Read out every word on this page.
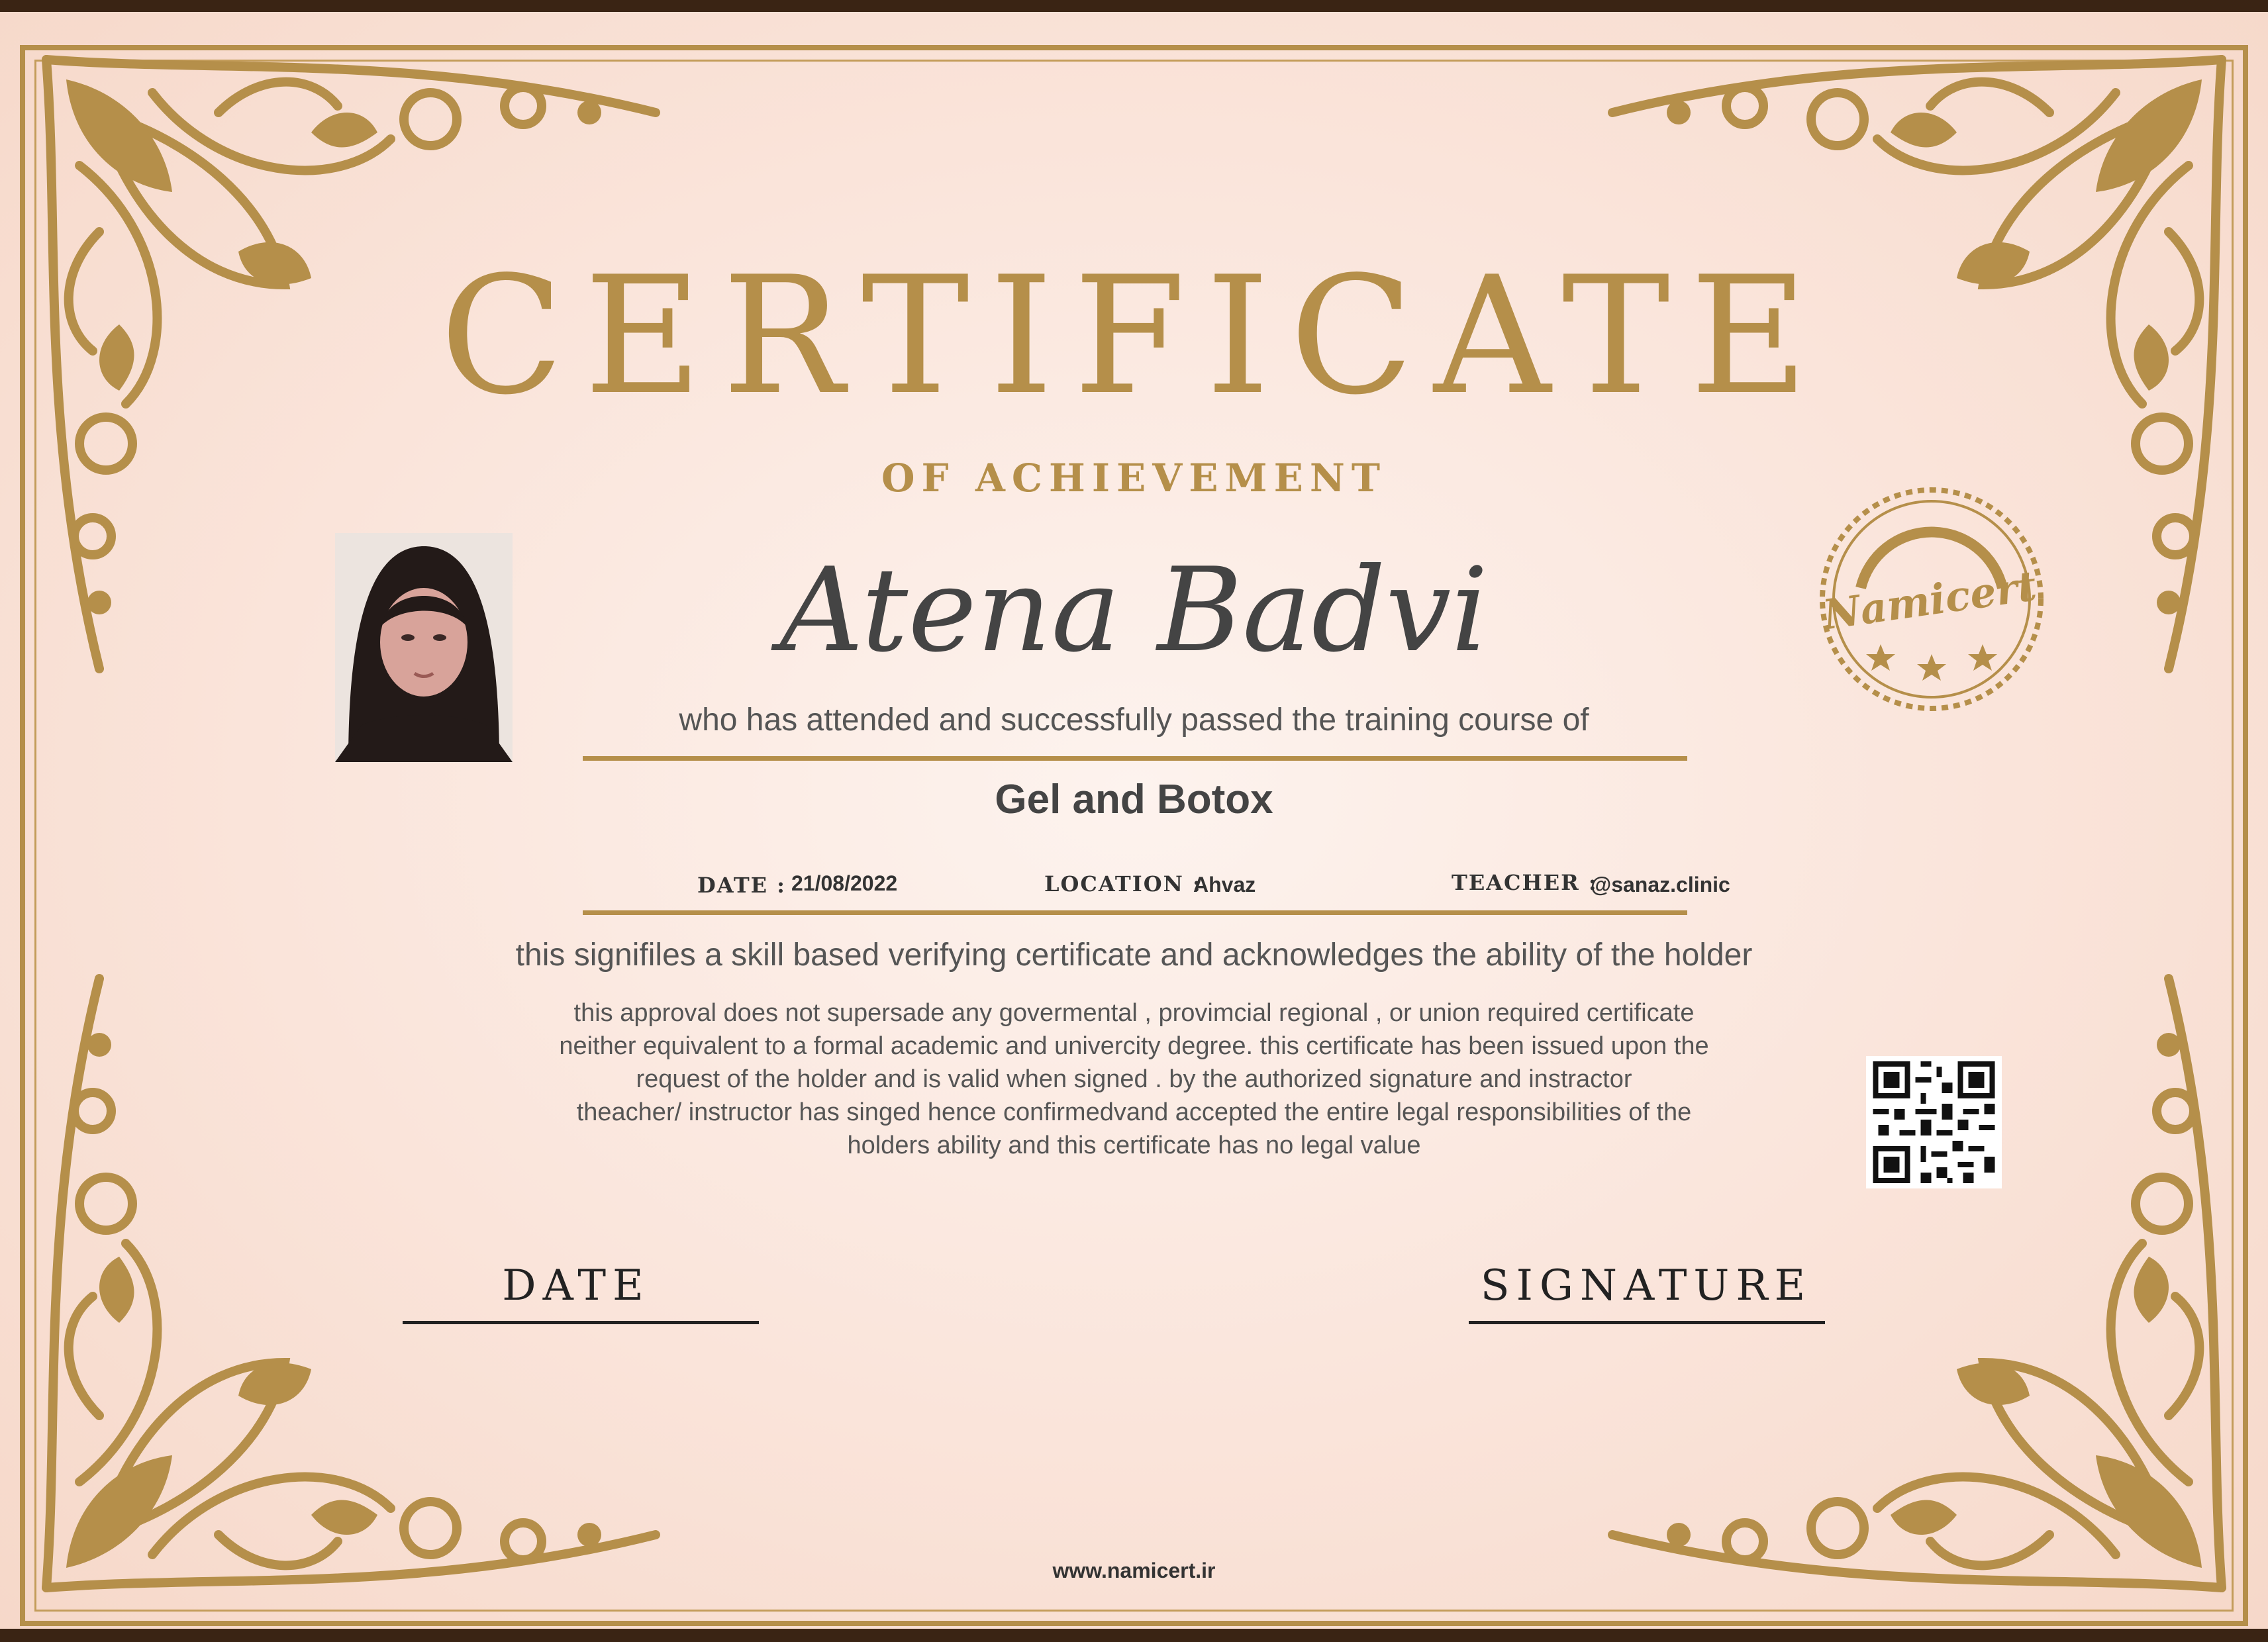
CERTIFICATE
OF ACHIEVEMENT
Atena Badvi
who has attended and successfully passed the training course of
Gel and Botox
DATE : 21/08/2022	LOCATION :
Ahvaz	TEACHER :
@sanaz.clinic
this signifiles a skill based verifying certificate and acknowledges the ability of the holder
this approval does not supersade any govermental , provimcial regional , or union required certificate
neither equivalent to a formal academic and univercity degree. this certificate has been issued upon the
request of the holder and is valid when signed . by the authorized signature and instractor
theacher/ instructor has singed hence confirmedvand accepted the entire legal responsibilities of the
holders ability and this certificate has no legal value
Namicert
DATE	SIGNATURE
www.namicert.ir
